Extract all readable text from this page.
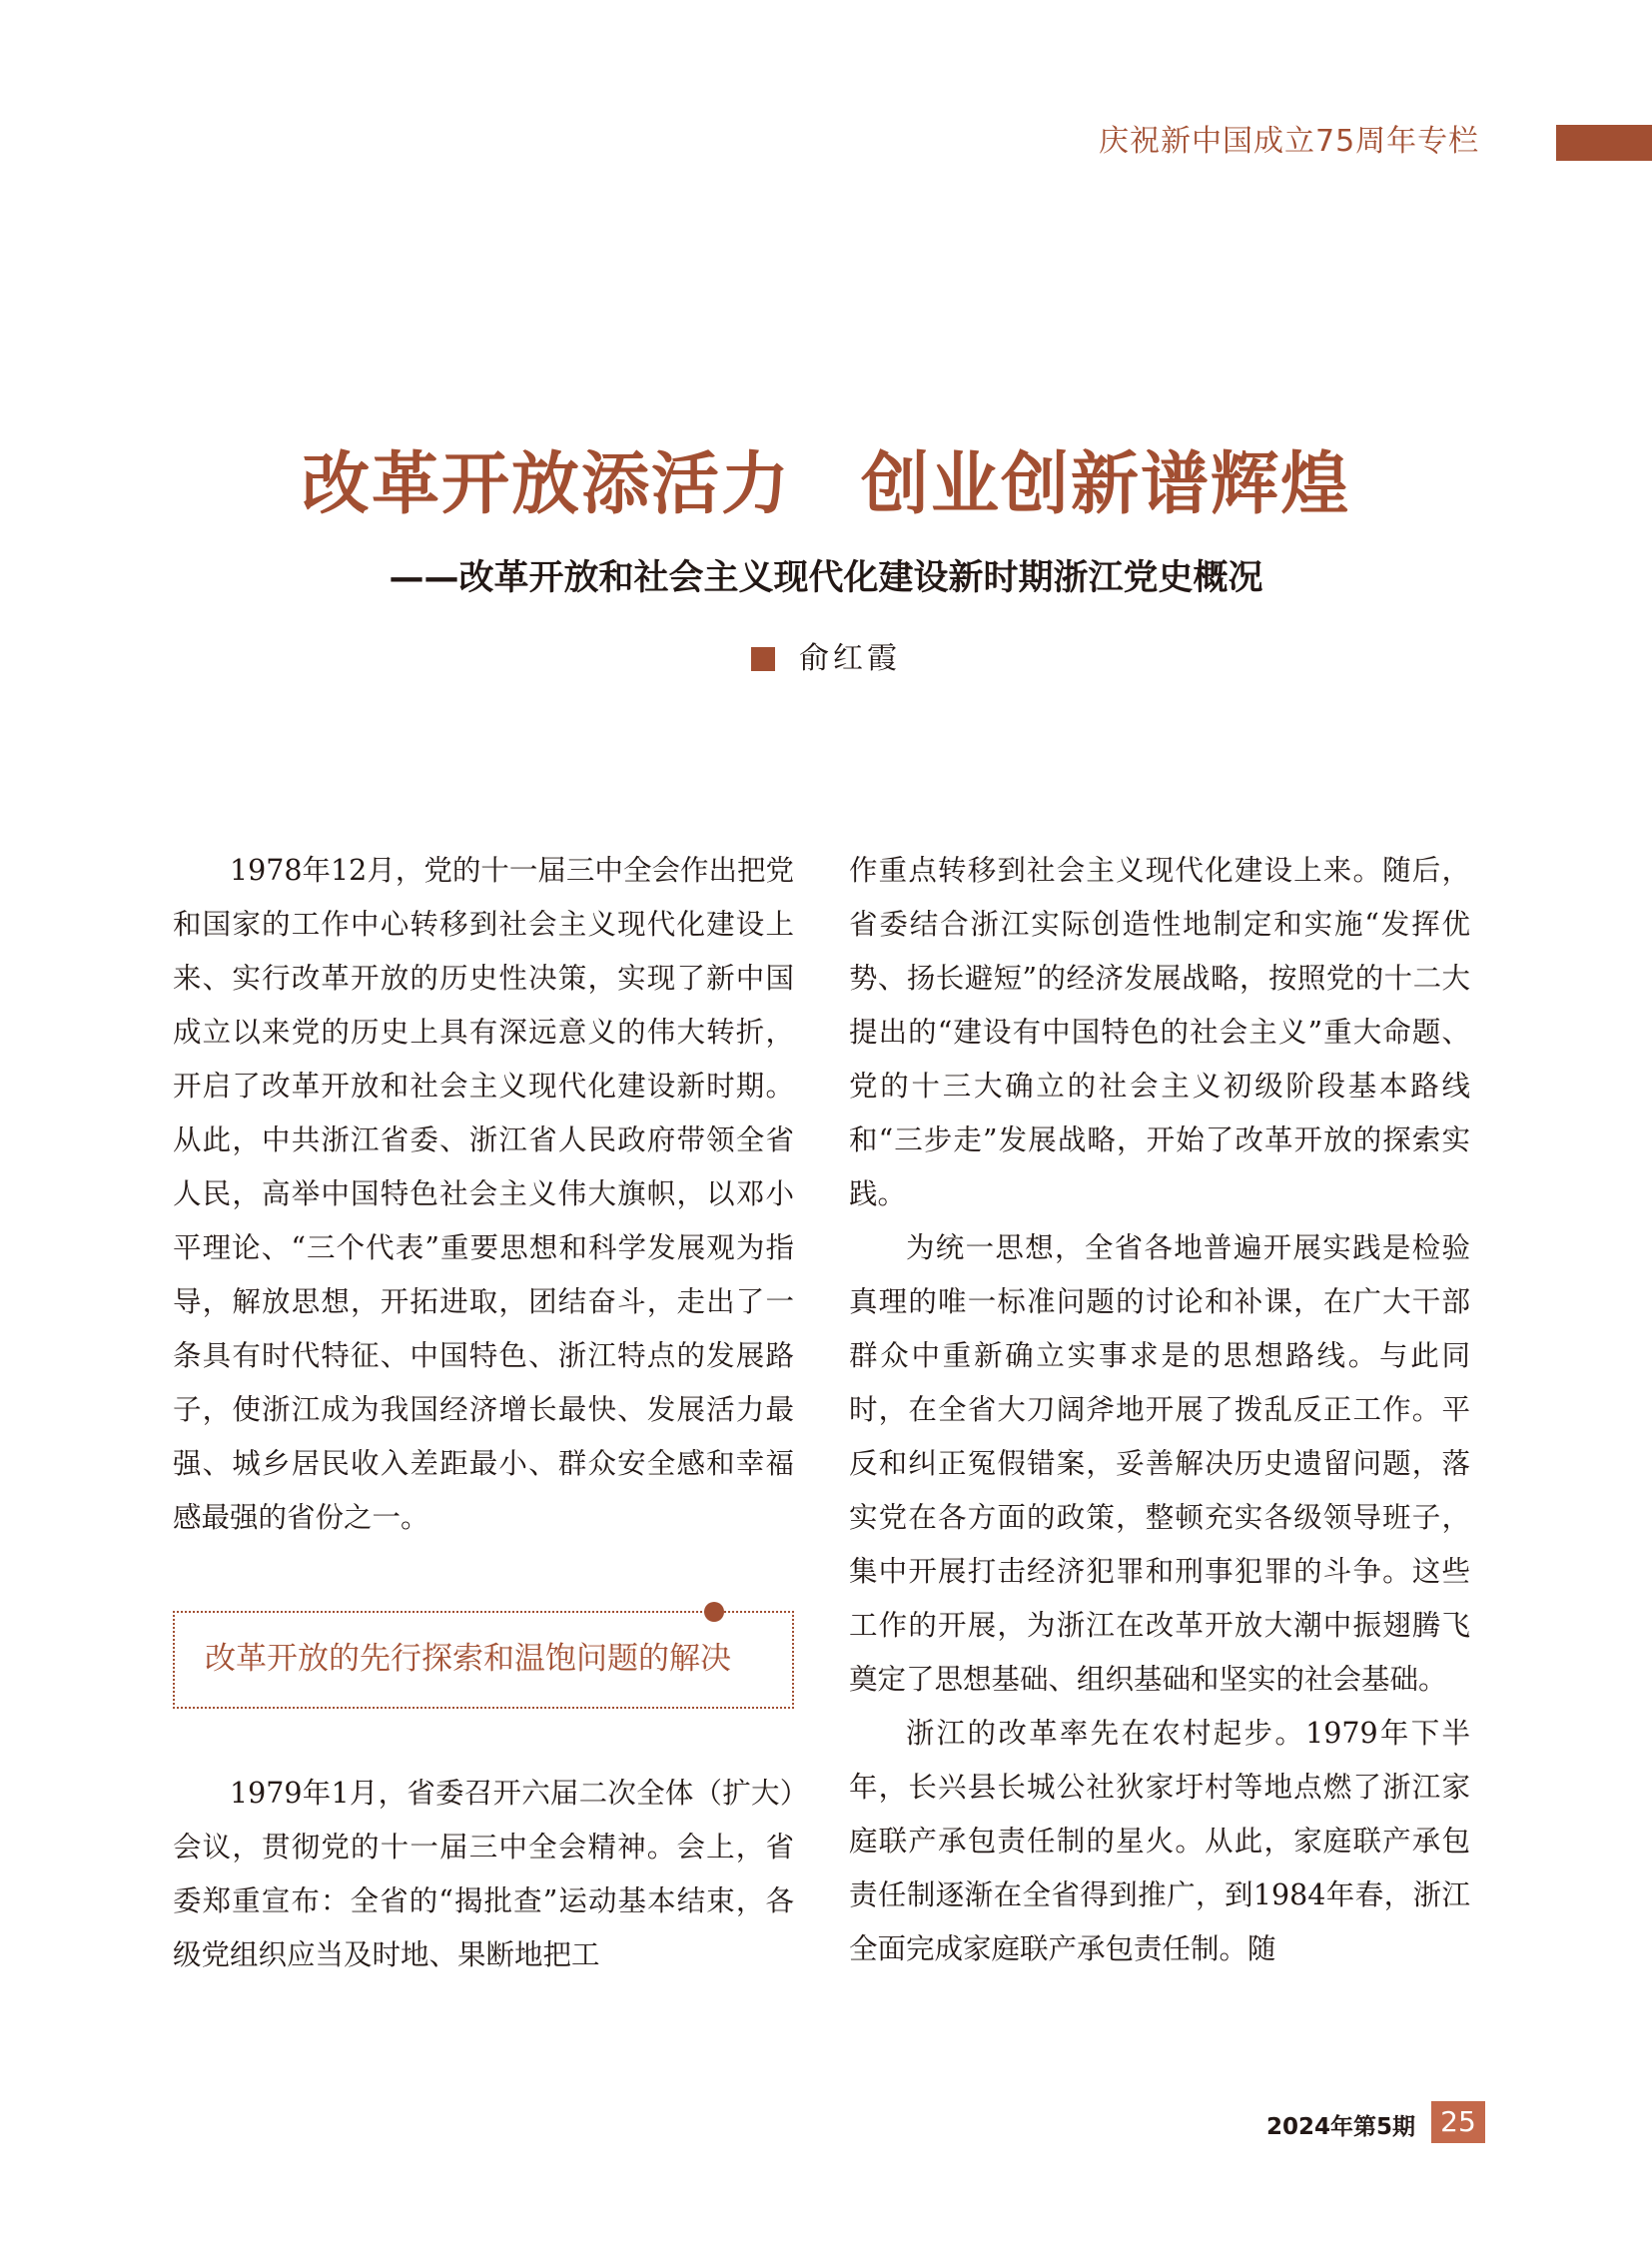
庆祝新中国成立75周年专栏
改革开放添活力　创业创新谱辉煌
——改革开放和社会主义现代化建设新时期浙江党史概况
俞红霞

1978年12月，党的十一届三中全会作出把党和国家的工作中心转移到社会主义现代化建设上来、实行改革开放的历史性决策，实现了新中国成立以来党的历史上具有深远意义的伟大转折，开启了改革开放和社会主义现代化建设新时期。从此，中共浙江省委、浙江省人民政府带领全省人民，高举中国特色社会主义伟大旗帜，以邓小平理论、“三个代表”重要思想和科学发展观为指导，解放思想，开拓进取，团结奋斗，走出了一条具有时代特征、中国特色、浙江特点的发展路子，使浙江成为我国经济增长最快、发展活力最强、城乡居民收入差距最小、群众安全感和幸福感最强的省份之一。

改革开放的先行探索和温饱问题的解决

1979年1月，省委召开六届二次全体（扩大）会议，贯彻党的十一届三中全会精神。会上，省委郑重宣布：全省的“揭批查”运动基本结束，各级党组织应当及时地、果断地把工

作重点转移到社会主义现代化建设上来。随后，省委结合浙江实际创造性地制定和实施“发挥优势、扬长避短”的经济发展战略，按照党的十二大提出的“建设有中国特色的社会主义”重大命题、党的十三大确立的社会主义初级阶段基本路线和“三步走”发展战略，开始了改革开放的探索实践。

为统一思想，全省各地普遍开展实践是检验真理的唯一标准问题的讨论和补课，在广大干部群众中重新确立实事求是的思想路线。与此同时，在全省大刀阔斧地开展了拨乱反正工作。平反和纠正冤假错案，妥善解决历史遗留问题，落实党在各方面的政策，整顿充实各级领导班子，集中开展打击经济犯罪和刑事犯罪的斗争。这些工作的开展，为浙江在改革开放大潮中振翅腾飞奠定了思想基础、组织基础和坚实的社会基础。

浙江的改革率先在农村起步。1979年下半年，长兴县长城公社狄家圩村等地点燃了浙江家庭联产承包责任制的星火。从此，家庭联产承包责任制逐渐在全省得到推广，到1984年春，浙江全面完成家庭联产承包责任制。随

2024年第5期 25
